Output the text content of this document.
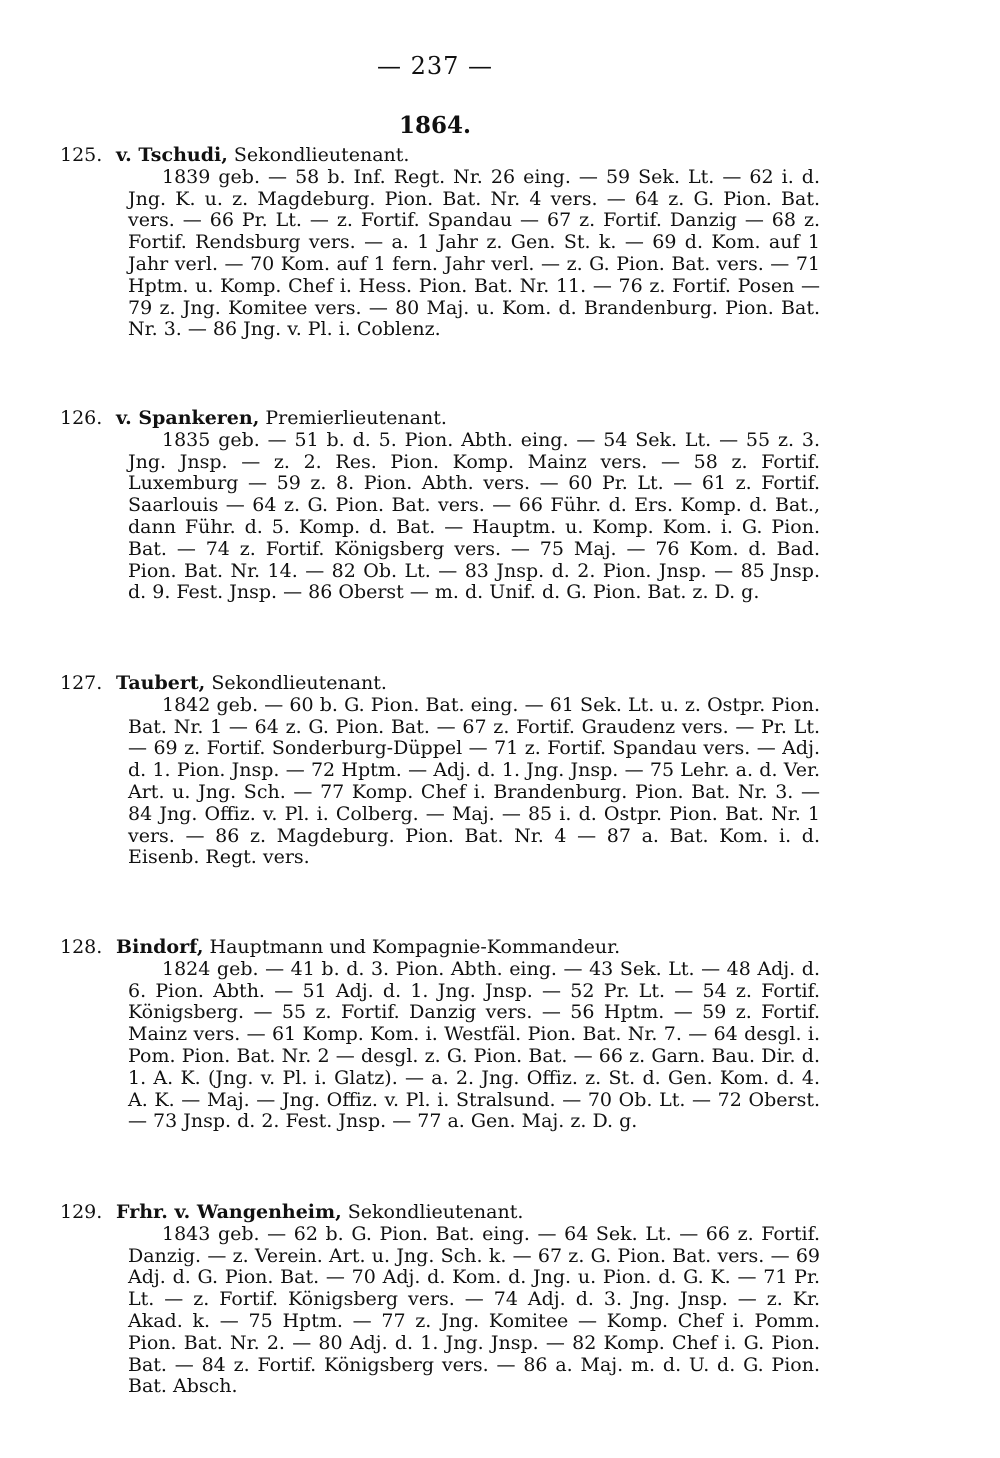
— 237 —
1864.
125. v. Tschudi, Sekondlieutenant.
1839 geb. — 58 b. Inf. Regt. Nr. 26 eing. — 59 Sek. Lt. — 62 i. d. Jng. K. u. z. Magdeburg. Pion. Bat. Nr. 4 vers. — 64 z. G. Pion. Bat. vers. — 66 Pr. Lt. — z. Fortif. Spandau — 67 z. Fortif. Danzig — 68 z. Fortif. Rendsburg vers. — a. 1 Jahr z. Gen. St. k. — 69 d. Kom. auf 1 Jahr verl. — 70 Kom. auf 1 fern. Jahr verl. — z. G. Pion. Bat. vers. — 71 Hptm. u. Komp. Chef i. Hess. Pion. Bat. Nr. 11. — 76 z. Fortif. Posen — 79 z. Jng. Komitee vers. — 80 Maj. u. Kom. d. Brandenburg. Pion. Bat. Nr. 3. — 86 Jng. v. Pl. i. Coblenz.
126. v. Spankeren, Premierlieutenant.
1835 geb. — 51 b. d. 5. Pion. Abth. eing. — 54 Sek. Lt. — 55 z. 3. Jng. Jnsp. — z. 2. Res. Pion. Komp. Mainz vers. — 58 z. Fortif. Luxemburg — 59 z. 8. Pion. Abth. vers. — 60 Pr. Lt. — 61 z. Fortif. Saarlouis — 64 z. G. Pion. Bat. vers. — 66 Führ. d. Ers. Komp. d. Bat., dann Führ. d. 5. Komp. d. Bat. — Hauptm. u. Komp. Kom. i. G. Pion. Bat. — 74 z. Fortif. Königsberg vers. — 75 Maj. — 76 Kom. d. Bad. Pion. Bat. Nr. 14. — 82 Ob. Lt. — 83 Jnsp. d. 2. Pion. Jnsp. — 85 Jnsp. d. 9. Fest. Jnsp. — 86 Oberst — m. d. Unif. d. G. Pion. Bat. z. D. g.
127. Taubert, Sekondlieutenant.
1842 geb. — 60 b. G. Pion. Bat. eing. — 61 Sek. Lt. u. z. Ostpr. Pion. Bat. Nr. 1 — 64 z. G. Pion. Bat. — 67 z. Fortif. Graudenz vers. — Pr. Lt. — 69 z. Fortif. Sonderburg-Düppel — 71 z. Fortif. Spandau vers. — Adj. d. 1. Pion. Jnsp. — 72 Hptm. — Adj. d. 1. Jng. Jnsp. — 75 Lehr. a. d. Ver. Art. u. Jng. Sch. — 77 Komp. Chef i. Brandenburg. Pion. Bat. Nr. 3. — 84 Jng. Offiz. v. Pl. i. Colberg. — Maj. — 85 i. d. Ostpr. Pion. Bat. Nr. 1 vers. — 86 z. Magdeburg. Pion. Bat. Nr. 4 — 87 a. Bat. Kom. i. d. Eisenb. Regt. vers.
128. Bindorf, Hauptmann und Kompagnie-Kommandeur.
1824 geb. — 41 b. d. 3. Pion. Abth. eing. — 43 Sek. Lt. — 48 Adj. d. 6. Pion. Abth. — 51 Adj. d. 1. Jng. Jnsp. — 52 Pr. Lt. — 54 z. Fortif. Königsberg. — 55 z. Fortif. Danzig vers. — 56 Hptm. — 59 z. Fortif. Mainz vers. — 61 Komp. Kom. i. Westfäl. Pion. Bat. Nr. 7. — 64 desgl. i. Pom. Pion. Bat. Nr. 2 — desgl. z. G. Pion. Bat. — 66 z. Garn. Bau. Dir. d. 1. A. K. (Jng. v. Pl. i. Glatz). — a. 2. Jng. Offiz. z. St. d. Gen. Kom. d. 4. A. K. — Maj. — Jng. Offiz. v. Pl. i. Stralsund. — 70 Ob. Lt. — 72 Oberst. — 73 Jnsp. d. 2. Fest. Jnsp. — 77 a. Gen. Maj. z. D. g.
129. Frhr. v. Wangenheim, Sekondlieutenant.
1843 geb. — 62 b. G. Pion. Bat. eing. — 64 Sek. Lt. — 66 z. Fortif. Danzig. — z. Verein. Art. u. Jng. Sch. k. — 67 z. G. Pion. Bat. vers. — 69 Adj. d. G. Pion. Bat. — 70 Adj. d. Kom. d. Jng. u. Pion. d. G. K. — 71 Pr. Lt. — z. Fortif. Königsberg vers. — 74 Adj. d. 3. Jng. Jnsp. — z. Kr. Akad. k. — 75 Hptm. — 77 z. Jng. Komitee — Komp. Chef i. Pomm. Pion. Bat. Nr. 2. — 80 Adj. d. 1. Jng. Jnsp. — 82 Komp. Chef i. G. Pion. Bat. — 84 z. Fortif. Königsberg vers. — 86 a. Maj. m. d. U. d. G. Pion. Bat. Absch.
